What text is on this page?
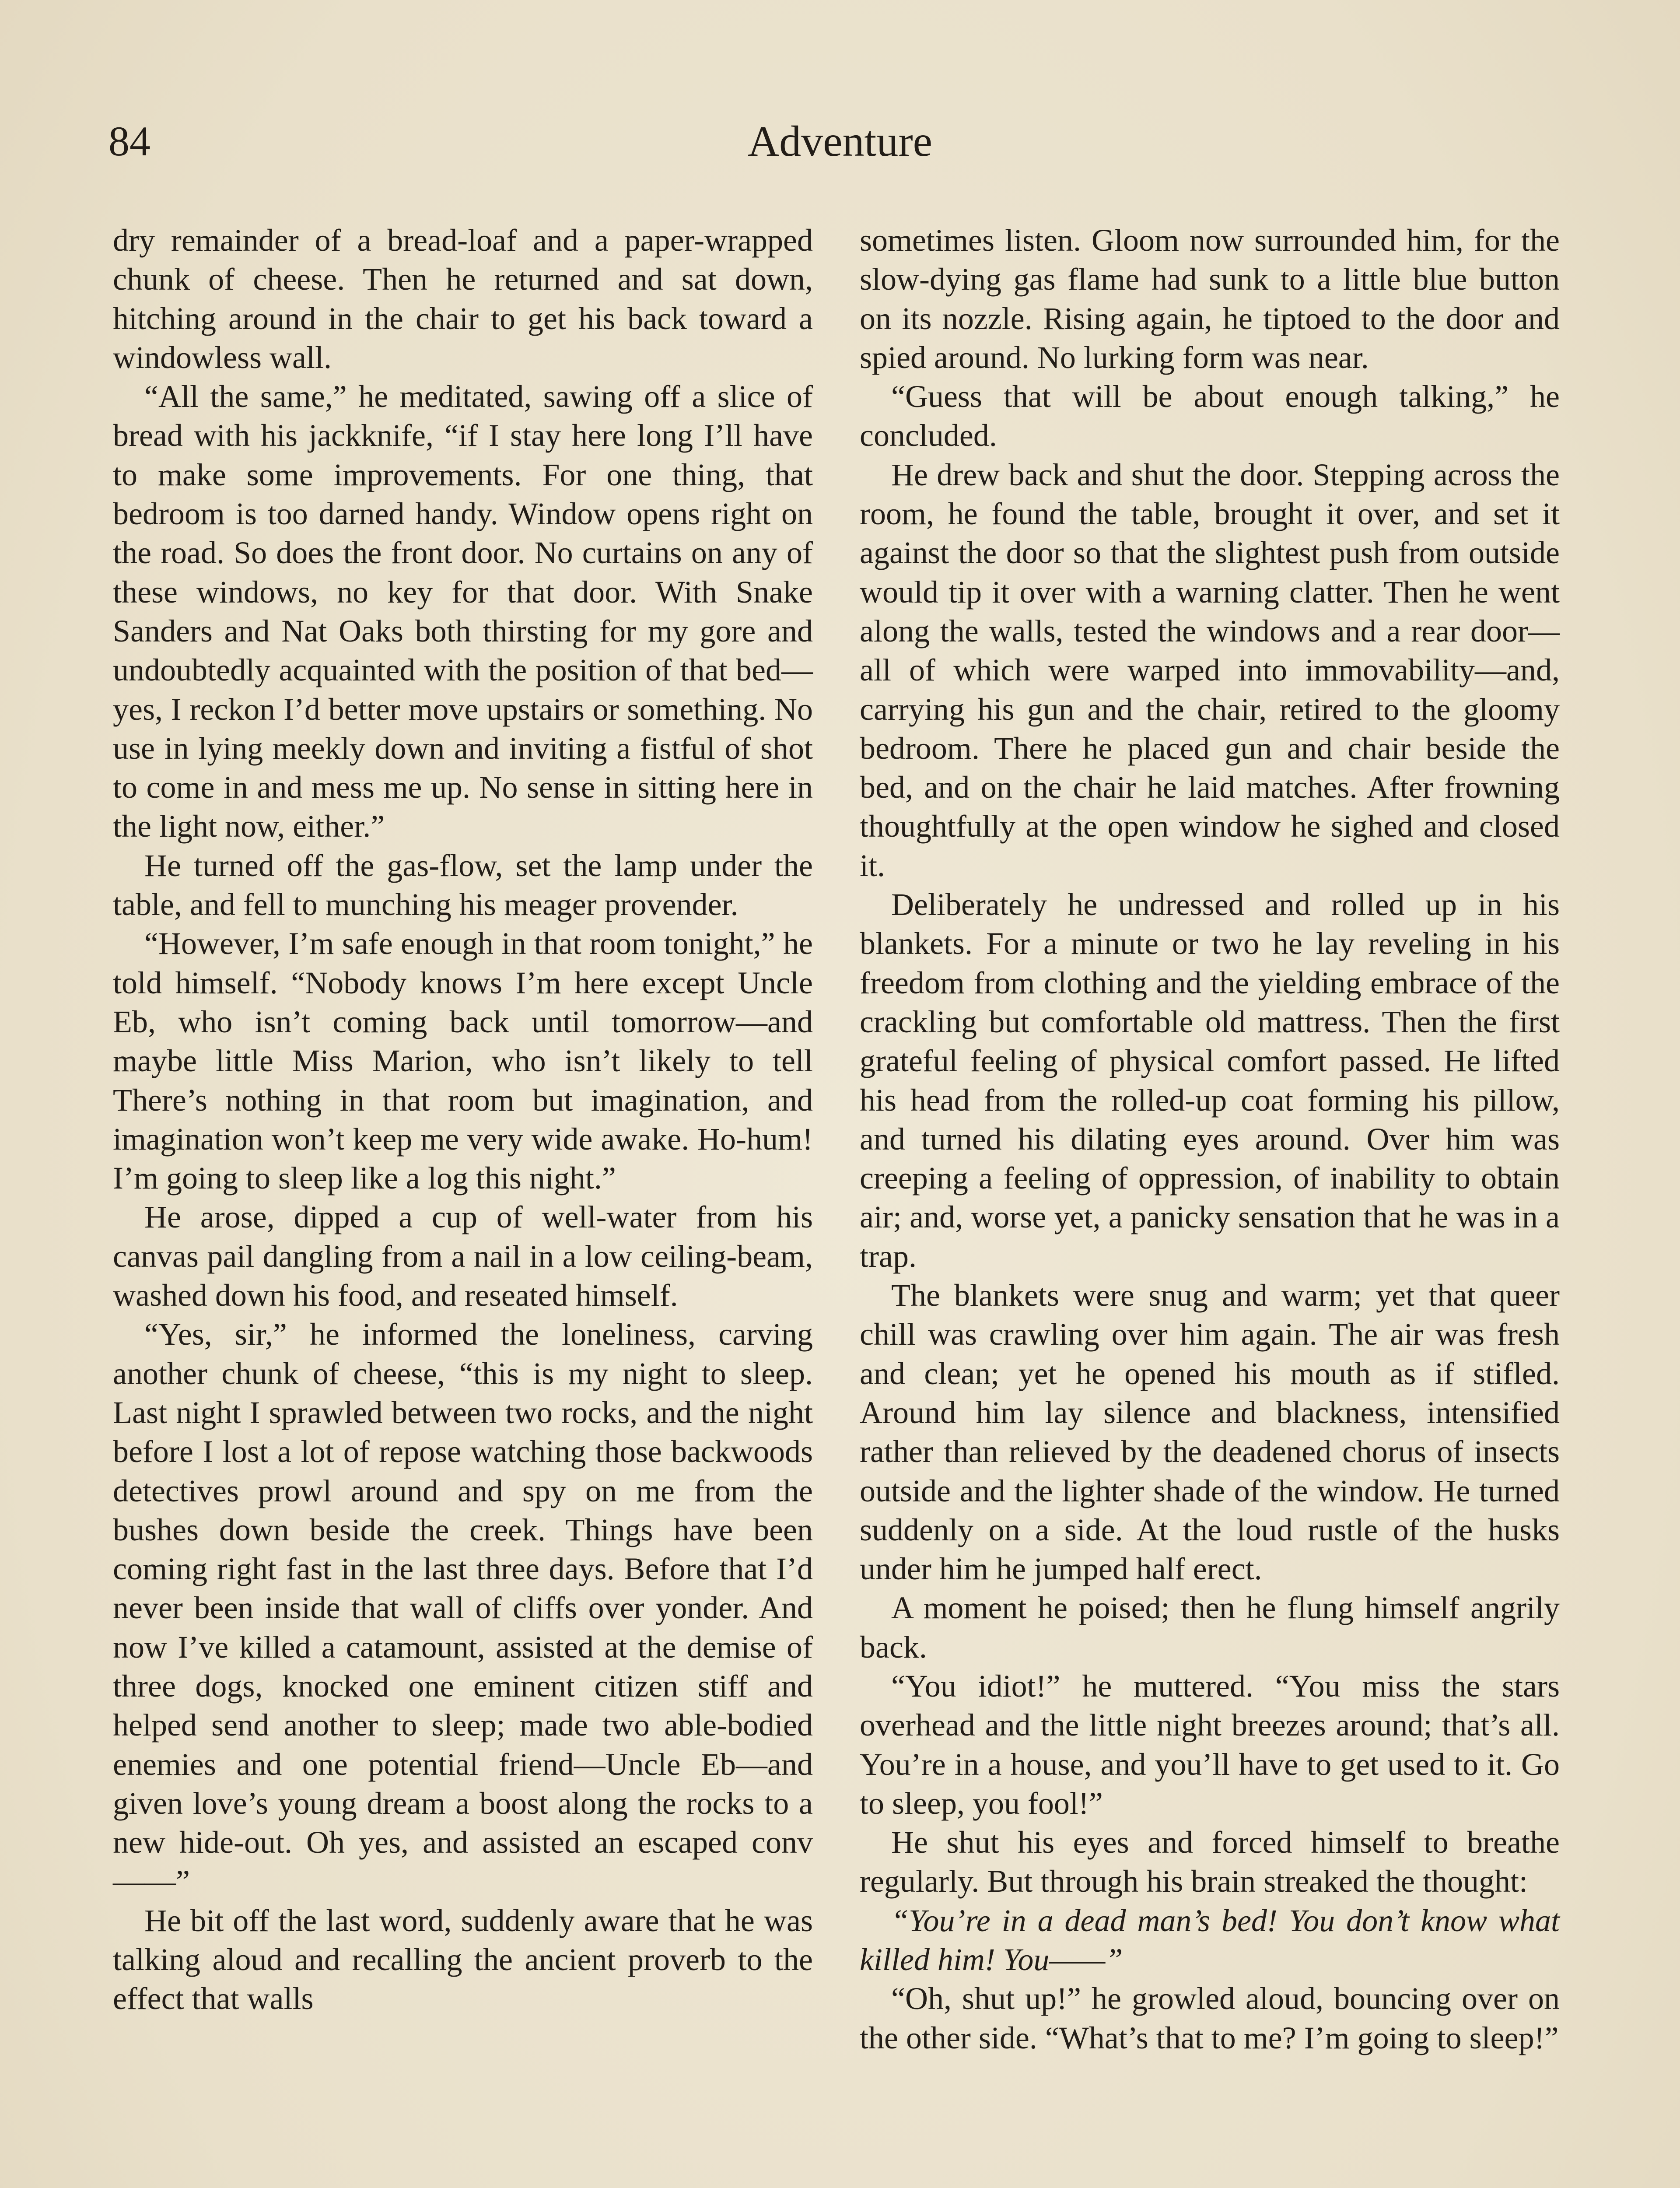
84	Adventure

dry remainder of a bread-loaf and a paper-wrapped chunk of cheese. Then he returned and sat down, hitching around in the chair to get his back toward a windowless wall.

“All the same,” he meditated, sawing off a slice of bread with his jackknife, “if I stay here long I’ll have to make some improvements. For one thing, that bedroom is too darned handy. Window opens right on the road. So does the front door. No curtains on any of these windows, no key for that door. With Snake Sanders and Nat Oaks both thirsting for my gore and undoubtedly acquainted with the position of that bed—yes, I reckon I’d better move upstairs or something. No use in lying meekly down and inviting a fistful of shot to come in and mess me up. No sense in sitting here in the light now, either.”

He turned off the gas-flow, set the lamp under the table, and fell to munching his meager provender.

“However, I’m safe enough in that room tonight,” he told himself. “Nobody knows I’m here except Uncle Eb, who isn’t coming back until tomorrow—and maybe little Miss Marion, who isn’t likely to tell There’s nothing in that room but imagination, and imagination won’t keep me very wide awake. Ho-hum! I’m going to sleep like a log this night.”

He arose, dipped a cup of well-water from his canvas pail dangling from a nail in a low ceiling-beam, washed down his food, and reseated himself.

“Yes, sir,” he informed the loneliness, carving another chunk of cheese, “this is my night to sleep. Last night I sprawled between two rocks, and the night before I lost a lot of repose watching those backwoods detectives prowl around and spy on me from the bushes down beside the creek. Things have been coming right fast in the last three days. Before that I’d never been inside that wall of cliffs over yonder. And now I’ve killed a catamount, assisted at the demise of three dogs, knocked one eminent citizen stiff and helped send another to sleep; made two able-bodied enemies and one potential friend—Uncle Eb—and given love’s young dream a boost along the rocks to a new hide-out. Oh yes, and assisted an escaped conv——”

He bit off the last word, suddenly aware that he was talking aloud and recalling the ancient proverb to the effect that walls

sometimes listen. Gloom now surrounded him, for the slow-dying gas flame had sunk to a little blue button on its nozzle. Rising again, he tiptoed to the door and spied around. No lurking form was near.

“Guess that will be about enough talking,” he concluded.

He drew back and shut the door. Stepping across the room, he found the table, brought it over, and set it against the door so that the slightest push from outside would tip it over with a warning clatter. Then he went along the walls, tested the windows and a rear door—all of which were warped into immovability—and, carrying his gun and the chair, retired to the gloomy bedroom. There he placed gun and chair beside the bed, and on the chair he laid matches. After frowning thoughtfully at the open window he sighed and closed it.

Deliberately he undressed and rolled up in his blankets. For a minute or two he lay reveling in his freedom from clothing and the yielding embrace of the crackling but comfortable old mattress. Then the first grateful feeling of physical comfort passed. He lifted his head from the rolled-up coat forming his pillow, and turned his dilating eyes around. Over him was creeping a feeling of oppression, of inability to obtain air; and, worse yet, a panicky sensation that he was in a trap.

The blankets were snug and warm; yet that queer chill was crawling over him again. The air was fresh and clean; yet he opened his mouth as if stifled. Around him lay silence and blackness, intensified rather than relieved by the deadened chorus of insects outside and the lighter shade of the window. He turned suddenly on a side. At the loud rustle of the husks under him he jumped half erect.

A moment he poised; then he flung himself angrily back.

“You idiot!” he muttered. “You miss the stars overhead and the little night breezes around; that’s all. You’re in a house, and you’ll have to get used to it. Go to sleep, you fool!”

He shut his eyes and forced himself to breathe regularly. But through his brain streaked the thought:

“You’re in a dead man’s bed! You don’t know what killed him! You——”

“Oh, shut up!” he growled aloud, bouncing over on the other side. “What’s that to me? I’m going to sleep!”
